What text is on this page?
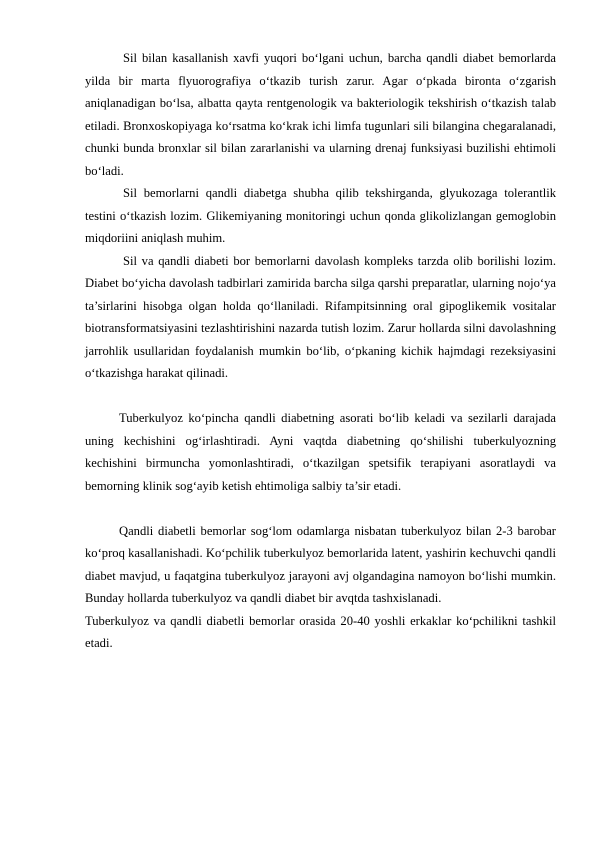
Sil bilan kasallanish xavfi yuqori bo‘lgani uchun, barcha qandli diabet bemorlarda yilda bir marta flyuorografiya o‘tkazib turish zarur. Agar o‘pkada bironta o‘zgarish aniqlanadigan bo‘lsa, albatta qayta rentgenologik va bakteriologik tekshirish o‘tkazish talab etiladi. Bronxoskopiyaga ko‘rsatma ko‘krak ichi limfa tugunlari sili bilangina chegaralanadi, chunki bunda bronxlar sil bilan zararlanishi va ularning drenaj funksiyasi buzilishi ehtimoli bo‘ladi.

Sil bemorlarni qandli diabetga shubha qilib tekshirganda, glyukozaga tolerantlik testini o‘tkazish lozim. Glikemiyaning monitoringi uchun qonda glikolizlangan gemoglobin miqdoriini aniqlash muhim.

Sil va qandli diabeti bor bemorlarni davolash kompleks tarzda olib borilishi lozim. Diabet bo‘yicha davolash tadbirlari zamirida barcha silga qarshi preparatlar, ularning nojo‘ya ta’sirlarini hisobga olgan holda qo‘llaniladi. Rifampitsinning oral gipoglikemik vositalar biotransformatsiyasini tezlashtirishini nazarda tutish lozim. Zarur hollarda silni davolashning jarrohlik usullaridan foydalanish mumkin bo‘lib, o‘pkaning kichik hajmdagi rezeksiyasini o‘tkazishga harakat qilinadi.

Tuberkulyoz ko‘pincha qandli diabetning asorati bo‘lib keladi va sezilarli darajada uning kechishini og‘irlashtiradi. Ayni vaqtda diabetning qo‘shilishi tuberkulyozning kechishini birmuncha yomonlashtiradi, o‘tkazilgan spetsifik terapiyani asoratlaydi va bemorning klinik sog‘ayib ketish ehtimoliga salbiy ta’sir etadi.

Qandli diabetli bemorlar sog‘lom odamlarga nisbatan tuberkulyoz bilan 2-3 barobar ko‘proq kasallanishadi. Ko‘pchilik tuberkulyoz bemorlarida latent, yashirin kechuvchi qandli diabet mavjud, u faqatgina tuberkulyoz jarayoni avj olgandagina namoyon bo‘lishi mumkin. Bunday hollarda tuberkulyoz va qandli diabet bir avqtda tashxislanadi.

Tuberkulyoz va qandli diabetli bemorlar orasida 20-40 yoshli erkaklar ko‘pchilikni tashkil etadi.
